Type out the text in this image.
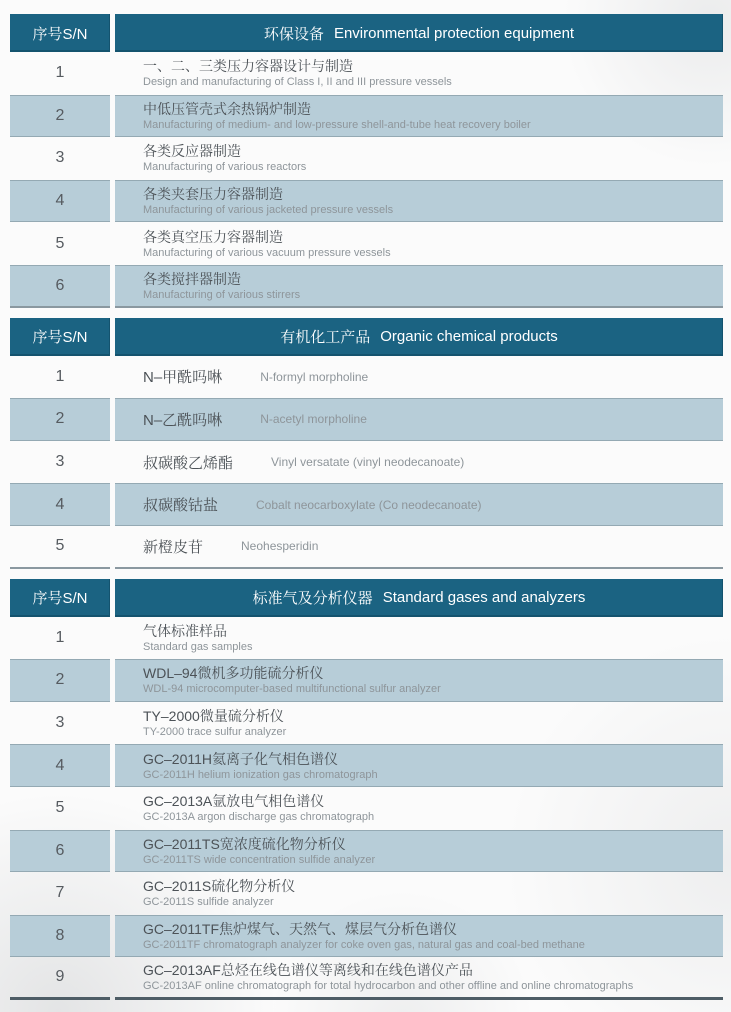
序号S/N	环保设备 Environmental protection equipment
1	一、二、三类压力容器设计与制造
Design and manufacturing of Class I, II and III pressure vessels
2	中低压管壳式余热锅炉制造
Manufacturing of medium- and low-pressure shell-and-tube heat recovery boiler
3	各类反应器制造
Manufacturing of various reactors
4	各类夹套压力容器制造
Manufacturing of various jacketed pressure vessels
5	各类真空压力容器制造
Manufacturing of various vacuum pressure vessels
6	各类搅拌器制造
Manufacturing of various stirrers
序号S/N	有机化工产品 Organic chemical products
1	N–甲酰吗啉	N-formyl morpholine
2	N–乙酰吗啉	N-acetyl morpholine
3	叔碳酸乙烯酯	Vinyl versatate (vinyl neodecanoate)
4	叔碳酸钴盐	Cobalt neocarboxylate (Co neodecanoate)
5	新橙皮苷	Neohesperidin
序号S/N	标准气及分析仪器 Standard gases and analyzers
1	气体标准样品
Standard gas samples
2	WDL–94微机多功能硫分析仪
WDL-94 microcomputer-based multifunctional sulfur analyzer
3	TY–2000微量硫分析仪
TY-2000 trace sulfur analyzer
4	GC–2011H氦离子化气相色谱仪
GC-2011H helium ionization gas chromatograph
5	GC–2013A氩放电气相色谱仪
GC-2013A argon discharge gas chromatograph
6	GC–2011TS宽浓度硫化物分析仪
GC-2011TS wide concentration sulfide analyzer
7	GC–2011S硫化物分析仪
GC-2011S sulfide analyzer
8	GC–2011TF焦炉煤气、天然气、煤层气分析色谱仪
GC-2011TF chromatograph analyzer for coke oven gas, natural gas and coal-bed methane
9	GC–2013AF总烃在线色谱仪等离线和在线色谱仪产品
GC-2013AF online chromatograph for total hydrocarbon and other offline and online chromatographs
